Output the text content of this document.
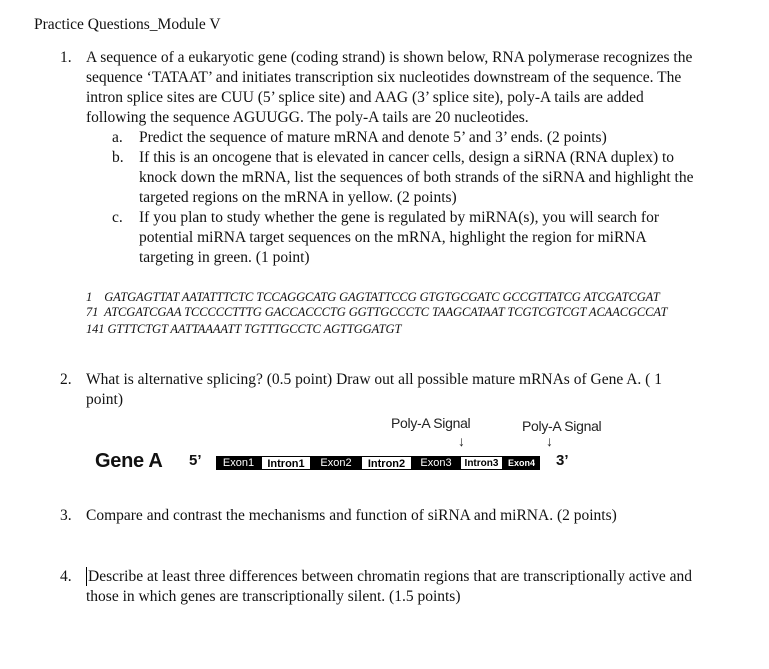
Practice Questions_Module V
1. A sequence of a eukaryotic gene (coding strand) is shown below, RNA polymerase recognizes the
sequence ‘TATAAT’ and initiates transcription six nucleotides downstream of the sequence. The
intron splice sites are CUU (5’ splice site) and AAG (3’ splice site), poly-A tails are added
following the sequence AGUUGG. The poly-A tails are 20 nucleotides.
a. Predict the sequence of mature mRNA and denote 5’ and 3’ ends. (2 points)
b. If this is an oncogene that is elevated in cancer cells, design a siRNA (RNA duplex) to
knock down the mRNA, list the sequences of both strands of the siRNA and highlight the
targeted regions on the mRNA in yellow. (2 points)
c. If you plan to study whether the gene is regulated by miRNA(s), you will search for
potential miRNA target sequences on the mRNA, highlight the region for miRNA
targeting in green. (1 point)
1    GATGAGTTAT AATATTTCTC TCCAGGCATG GAGTATTCCG GTGTGCGATC GCCGTTATCG ATCGATCGAT
71  ATCGATCGAA TCCCCCTTTG GACCACCCTG GGTTGCCCTC TAAGCATAAT TCGTCGTCGT ACAACGCCAT
141 GTTTCTGT AATTAAAATT TGTTTGCCTC AGTTGGATGT
2. What is alternative splicing? (0.5 point) Draw out all possible mature mRNAs of Gene A. ( 1
point)
Poly-A Signal
↓
Poly-A Signal
↓
Gene A 5’	Exon1	Intron1	Exon2	Intron2	Exon3	Intron3	Exon4	3’
3. Compare and contrast the mechanisms and function of siRNA and miRNA. (2 points)
4. Describe at least three differences between chromatin regions that are transcriptionally active and
those in which genes are transcriptionally silent. (1.5 points)
